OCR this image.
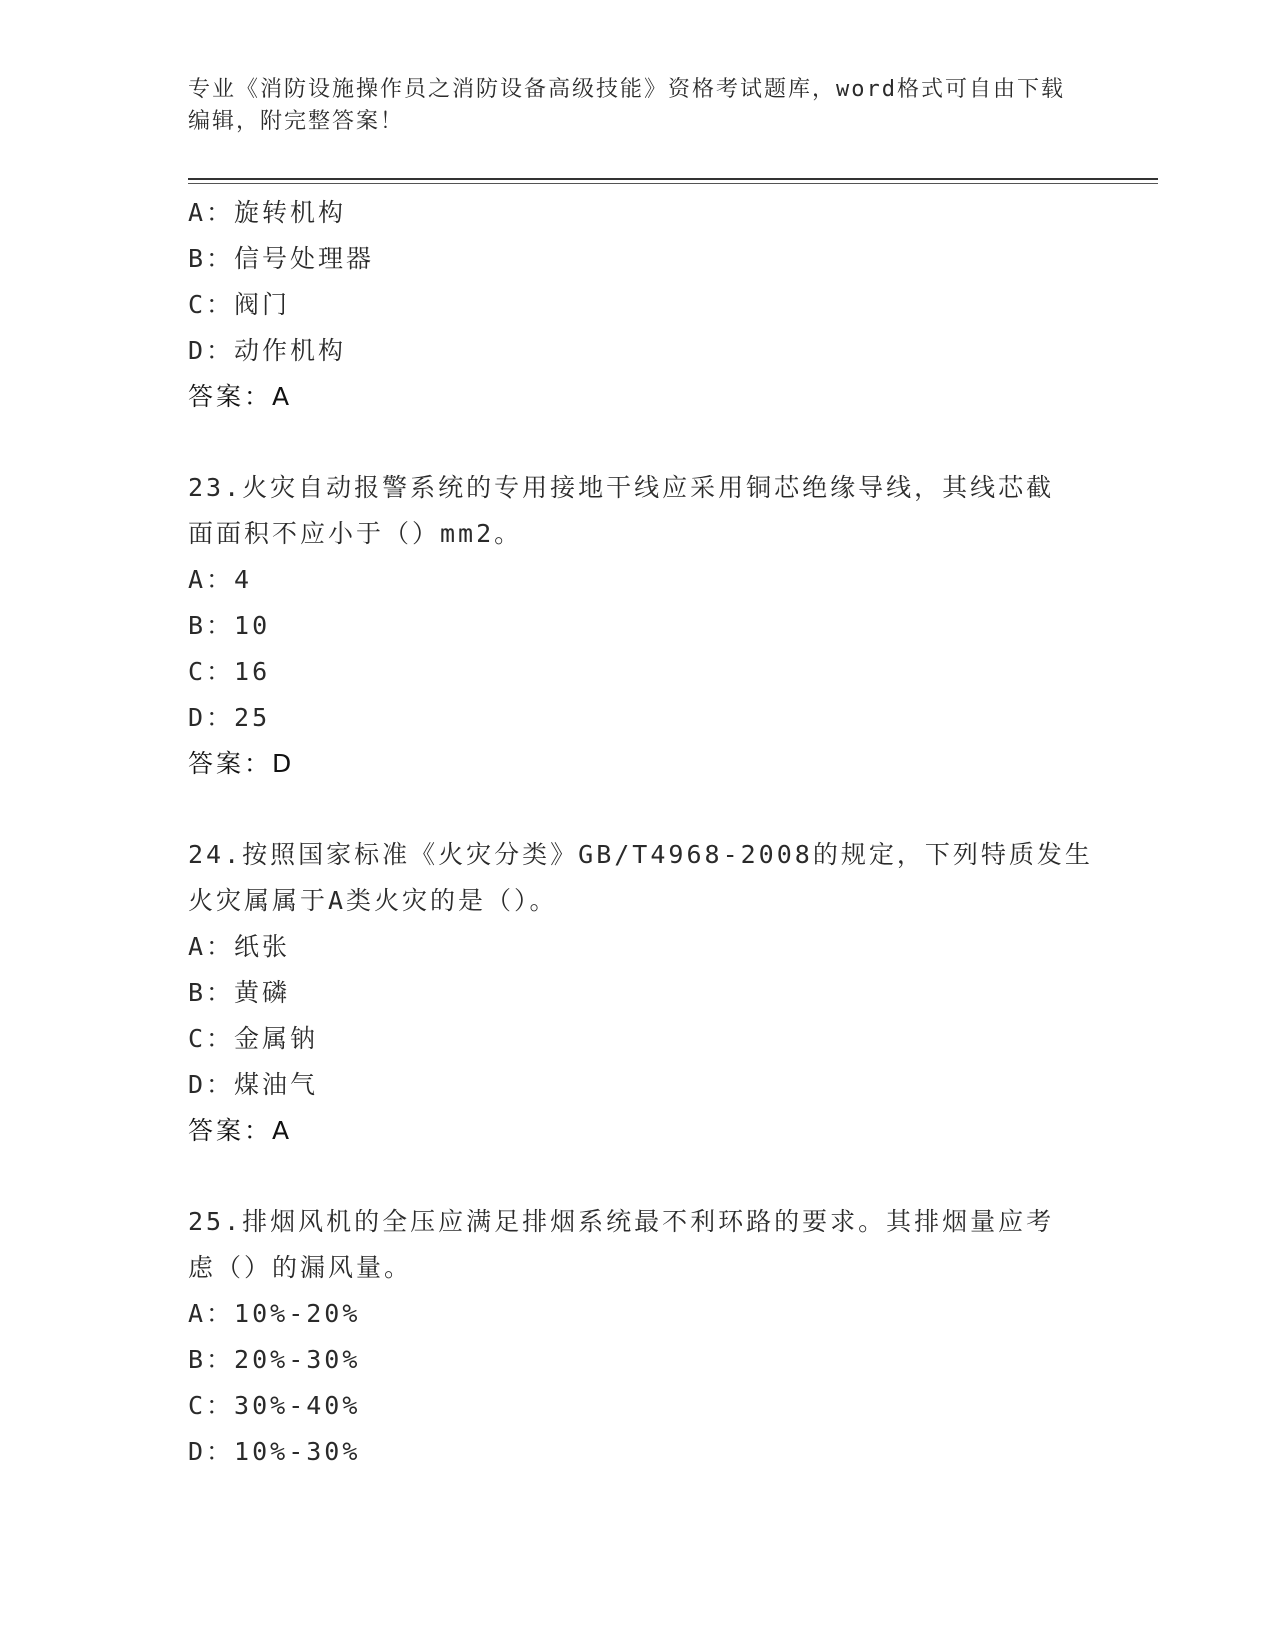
专业《消防设施操作员之消防设备高级技能》资格考试题库，word格式可自由下载编辑，附完整答案！
A：旋转机构
B：信号处理器
C：阀门
D：动作机构
答案：A
23.火灾自动报警系统的专用接地干线应采用铜芯绝缘导线，其线芯截
面面积不应小于（）mm2。
A：4
B：10
C：16
D：25
答案：D
24.按照国家标准《火灾分类》GB/T4968-2008的规定，下列特质发生
火灾属属于A类火灾的是（）。
A：纸张
B：黄磷
C：金属钠
D：煤油气
答案：A
25.排烟风机的全压应满足排烟系统最不利环路的要求。其排烟量应考
虑（）的漏风量。
A：10%-20%
B：20%-30%
C：30%-40%
D：10%-30%
